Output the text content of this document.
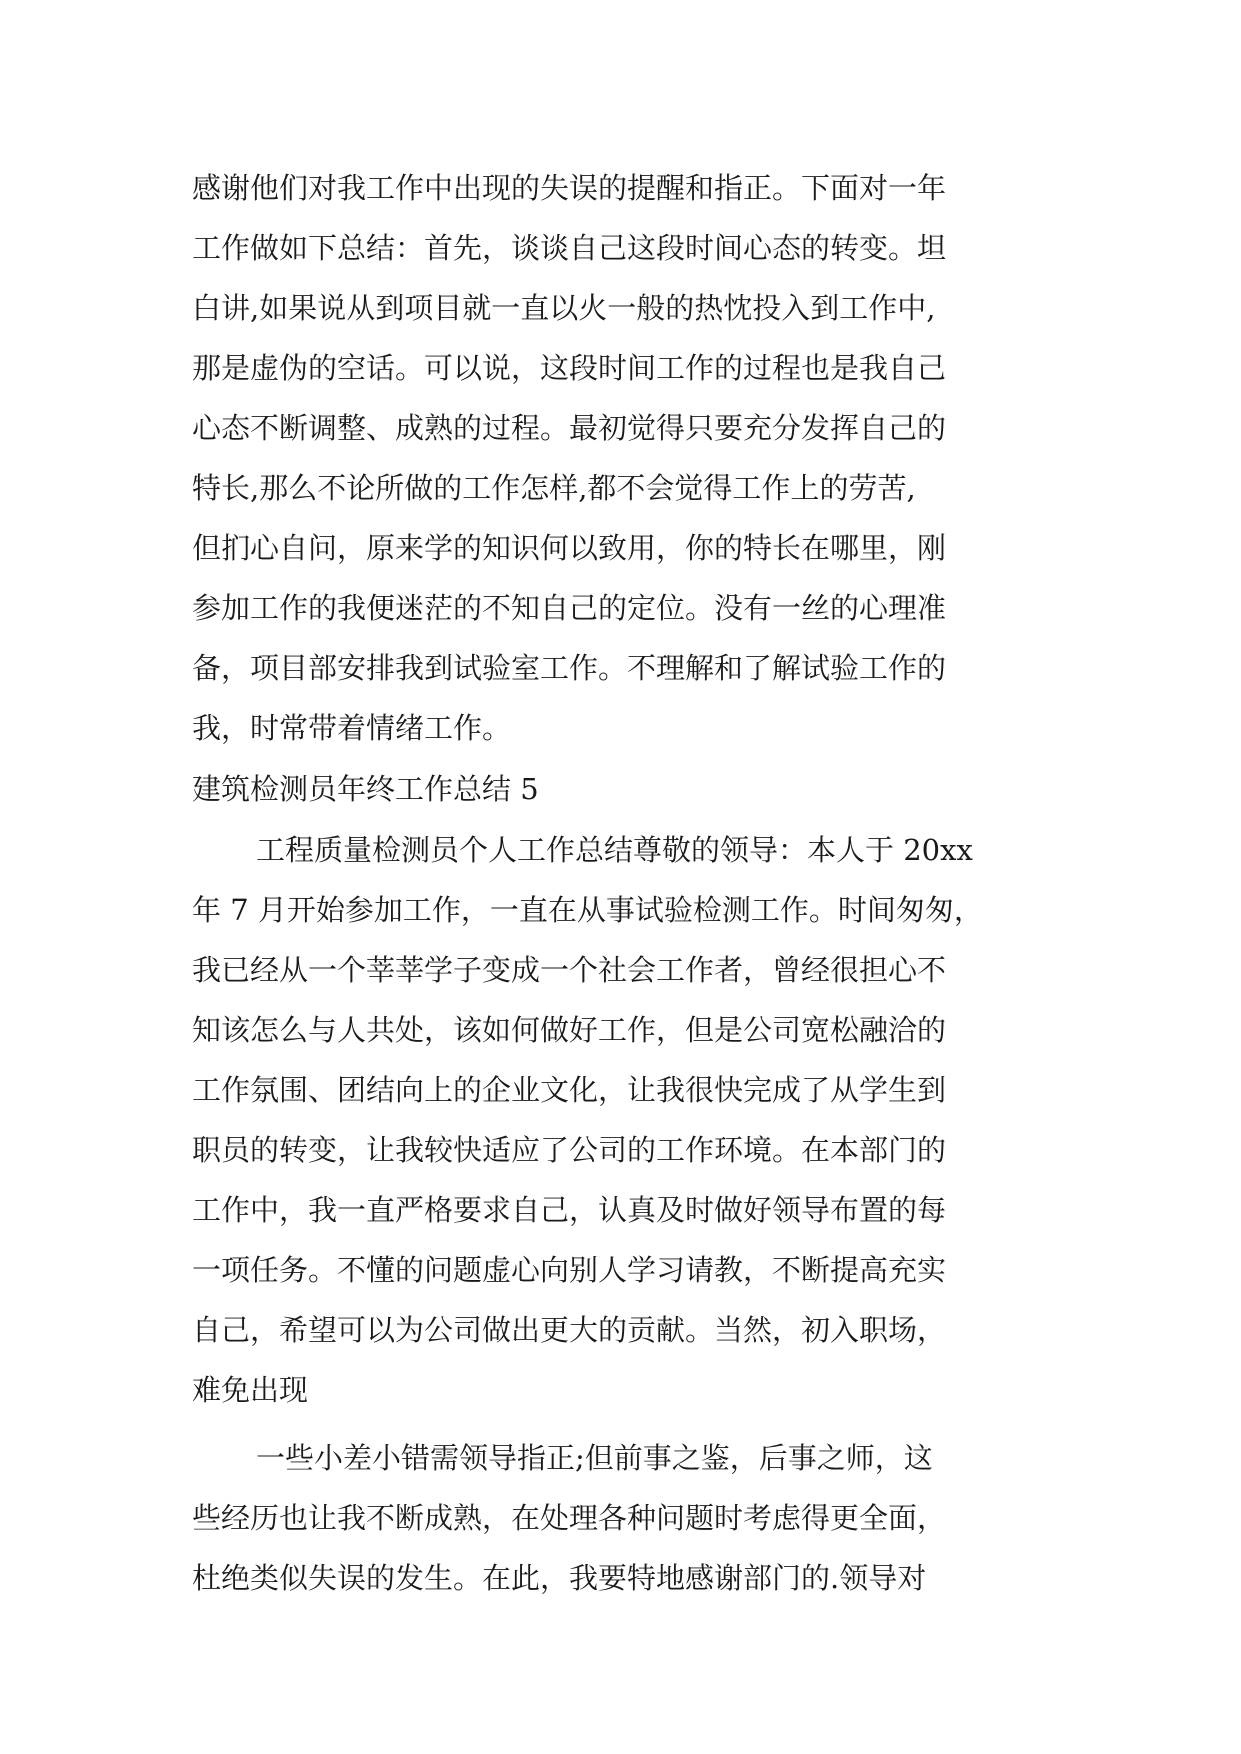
感谢他们对我工作中出现的失误的提醒和指正。下面对一年
工作做如下总结：首先，谈谈自己这段时间心态的转变。坦
白讲,如果说从到项目就一直以火一般的热忱投入到工作中,
那是虚伪的空话。可以说，这段时间工作的过程也是我自己
心态不断调整、成熟的过程。最初觉得只要充分发挥自己的
特长,那么不论所做的工作怎样,都不会觉得工作上的劳苦,
但扪心自问，原来学的知识何以致用，你的特长在哪里，刚
参加工作的我便迷茫的不知自己的定位。没有一丝的心理准
备，项目部安排我到试验室工作。不理解和了解试验工作的
我，时常带着情绪工作。
建筑检测员年终工作总结 5
工程质量检测员个人工作总结尊敬的领导：本人于 20xx
年 7 月开始参加工作，一直在从事试验检测工作。时间匆匆，
我已经从一个莘莘学子变成一个社会工作者，曾经很担心不
知该怎么与人共处，该如何做好工作，但是公司宽松融洽的
工作氛围、团结向上的企业文化，让我很快完成了从学生到
职员的转变，让我较快适应了公司的工作环境。在本部门的
工作中，我一直严格要求自己，认真及时做好领导布置的每
一项任务。不懂的问题虚心向别人学习请教，不断提高充实
自己，希望可以为公司做出更大的贡献。当然，初入职场，
难免出现
一些小差小错需领导指正;但前事之鉴，后事之师，这
些经历也让我不断成熟，在处理各种问题时考虑得更全面，
杜绝类似失误的发生。在此，我要特地感谢部门的.领导对
